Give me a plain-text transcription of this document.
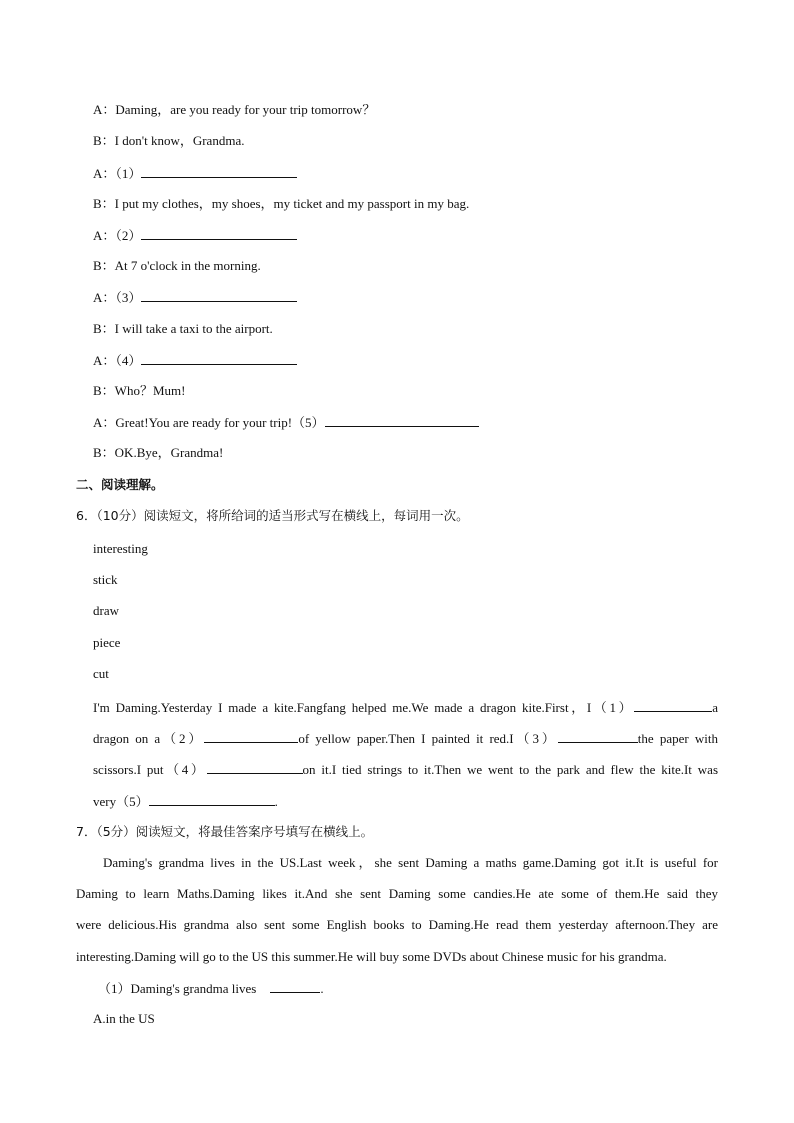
A：Daming，are you ready for your trip tomorrow？
B：I don't know，Grandma.
A：（1）
B：I put my clothes，my shoes，my ticket and my passport in my bag.
A：（2）
B：At 7 o'clock in the morning.
A：（3）
B：I will take a taxi to the airport.
A：（4）
B：Who？Mum!
A：Great!You are ready for your trip!（5）
B：OK.Bye，Grandma!
二、阅读理解。
6．（10分）阅读短文，将所给词的适当形式写在横线上，每词用一次。
interesting
stick
draw
piece
cut
I'm Daming.Yesterday I made a kite.Fangfang helped me.We made a dragon kite.First，I（1）	a
dragon on a（2）	of yellow paper.Then I painted it red.I（3）	the paper with
scissors.I put（4）	on it.I tied strings to it.Then we went to the park and flew the kite.It was
very（5）	.
7．（5分）阅读短文，将最佳答案序号填写在横线上。
Daming's grandma lives in the US.Last week，she sent Daming a maths game.Daming got it.It is useful for
Daming to learn Maths.Daming likes it.And she sent Daming some candies.He ate some of them.He said they
were delicious.His grandma also sent some English books to Daming.He read them yesterday afternoon.They are
interesting.Daming will go to the US this summer.He will buy some DVDs about Chinese music for his grandma.
（1）Daming's grandma lives	.
A.in the US
